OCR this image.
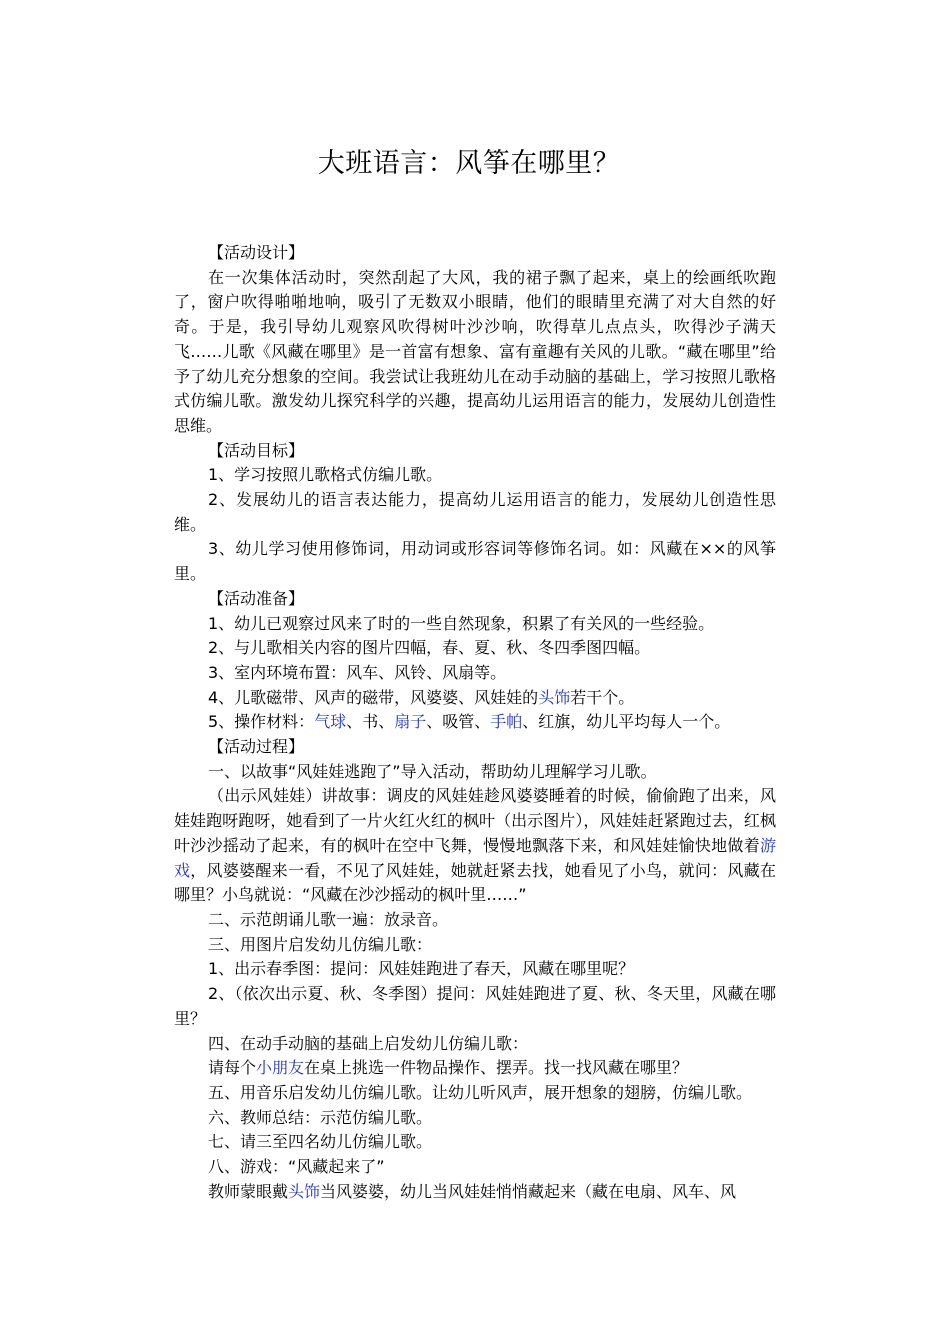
大班语言：风筝在哪里？

【活动设计】

在一次集体活动时，突然刮起了大风，我的裙子飘了起来，桌上的绘画纸吹跑了，窗户吹得啪啪地响，吸引了无数双小眼睛，他们的眼睛里充满了对大自然的好奇。于是，我引导幼儿观察风吹得树叶沙沙响，吹得草儿点点头，吹得沙子满天飞……儿歌《风藏在哪里》是一首富有想象、富有童趣有关风的儿歌。“藏在哪里”给予了幼儿充分想象的空间。我尝试让我班幼儿在动手动脑的基础上，学习按照儿歌格式仿编儿歌。激发幼儿探究科学的兴趣，提高幼儿运用语言的能力，发展幼儿创造性思维。

【活动目标】

1、学习按照儿歌格式仿编儿歌。

2、发展幼儿的语言表达能力，提高幼儿运用语言的能力，发展幼儿创造性思维。

3、幼儿学习使用修饰词，用动词或形容词等修饰名词。如：风藏在××的风筝里。

【活动准备】

1、幼儿已观察过风来了时的一些自然现象，积累了有关风的一些经验。

2、与儿歌相关内容的图片四幅，春、夏、秋、冬四季图四幅。

3、室内环境布置：风车、风铃、风扇等。

4、儿歌磁带、风声的磁带，风婆婆、风娃娃的头饰若干个。

5、操作材料：气球、书、扇子、吸管、手帕、红旗，幼儿平均每人一个。

【活动过程】

一、以故事“风娃娃逃跑了”导入活动，帮助幼儿理解学习儿歌。

（出示风娃娃）讲故事：调皮的风娃娃趁风婆婆睡着的时候，偷偷跑了出来，风娃娃跑呀跑呀，她看到了一片火红火红的枫叶（出示图片），风娃娃赶紧跑过去，红枫叶沙沙摇动了起来，有的枫叶在空中飞舞，慢慢地飘落下来，和风娃娃愉快地做着游戏，风婆婆醒来一看，不见了风娃娃，她就赶紧去找，她看见了小鸟，就问：风藏在哪里？小鸟就说：“风藏在沙沙摇动的枫叶里……”

二、示范朗诵儿歌一遍：放录音。

三、用图片启发幼儿仿编儿歌：

1、出示春季图：提问：风娃娃跑进了春天，风藏在哪里呢？

2、（依次出示夏、秋、冬季图）提问：风娃娃跑进了夏、秋、冬天里，风藏在哪里？

四、在动手动脑的基础上启发幼儿仿编儿歌：

请每个小朋友在桌上挑选一件物品操作、摆弄。找一找风藏在哪里？

五、用音乐启发幼儿仿编儿歌。让幼儿听风声，展开想象的翅膀，仿编儿歌。

六、教师总结：示范仿编儿歌。

七、请三至四名幼儿仿编儿歌。

八、游戏：“风藏起来了”

教师蒙眼戴头饰当风婆婆，幼儿当风娃娃悄悄藏起来（藏在电扇、风车、风
